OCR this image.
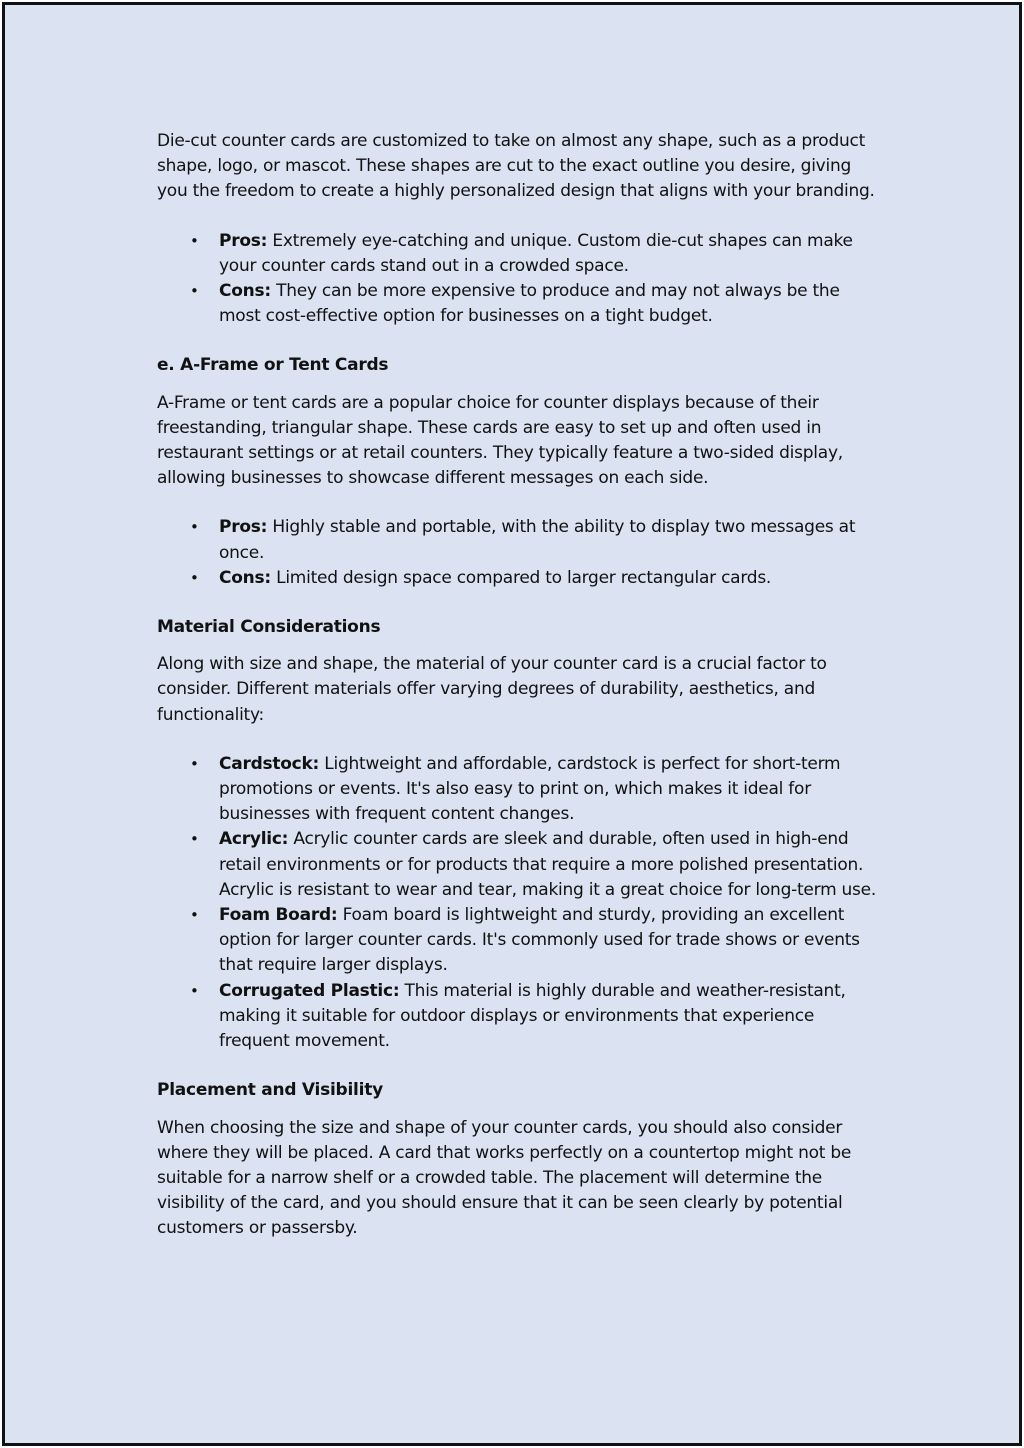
Die-cut counter cards are customized to take on almost any shape, such as a product shape, logo, or mascot. These shapes are cut to the exact outline you desire, giving you the freedom to create a highly personalized design that aligns with your branding.

• Pros: Extremely eye-catching and unique. Custom die-cut shapes can make your counter cards stand out in a crowded space.
• Cons: They can be more expensive to produce and may not always be the most cost-effective option for businesses on a tight budget.
e. A-Frame or Tent Cards

A-Frame or tent cards are a popular choice for counter displays because of their freestanding, triangular shape. These cards are easy to set up and often used in restaurant settings or at retail counters. They typically feature a two-sided display, allowing businesses to showcase different messages on each side.

• Pros: Highly stable and portable, with the ability to display two messages at once.
• Cons: Limited design space compared to larger rectangular cards.
Material Considerations

Along with size and shape, the material of your counter card is a crucial factor to consider. Different materials offer varying degrees of durability, aesthetics, and functionality:

• Cardstock: Lightweight and affordable, cardstock is perfect for short-term promotions or events. It's also easy to print on, which makes it ideal for businesses with frequent content changes.
• Acrylic: Acrylic counter cards are sleek and durable, often used in high-end retail environments or for products that require a more polished presentation. Acrylic is resistant to wear and tear, making it a great choice for long-term use.
• Foam Board: Foam board is lightweight and sturdy, providing an excellent option for larger counter cards. It's commonly used for trade shows or events that require larger displays.
• Corrugated Plastic: This material is highly durable and weather-resistant, making it suitable for outdoor displays or environments that experience frequent movement.
Placement and Visibility

When choosing the size and shape of your counter cards, you should also consider where they will be placed. A card that works perfectly on a countertop might not be suitable for a narrow shelf or a crowded table. The placement will determine the visibility of the card, and you should ensure that it can be seen clearly by potential customers or passersby.
